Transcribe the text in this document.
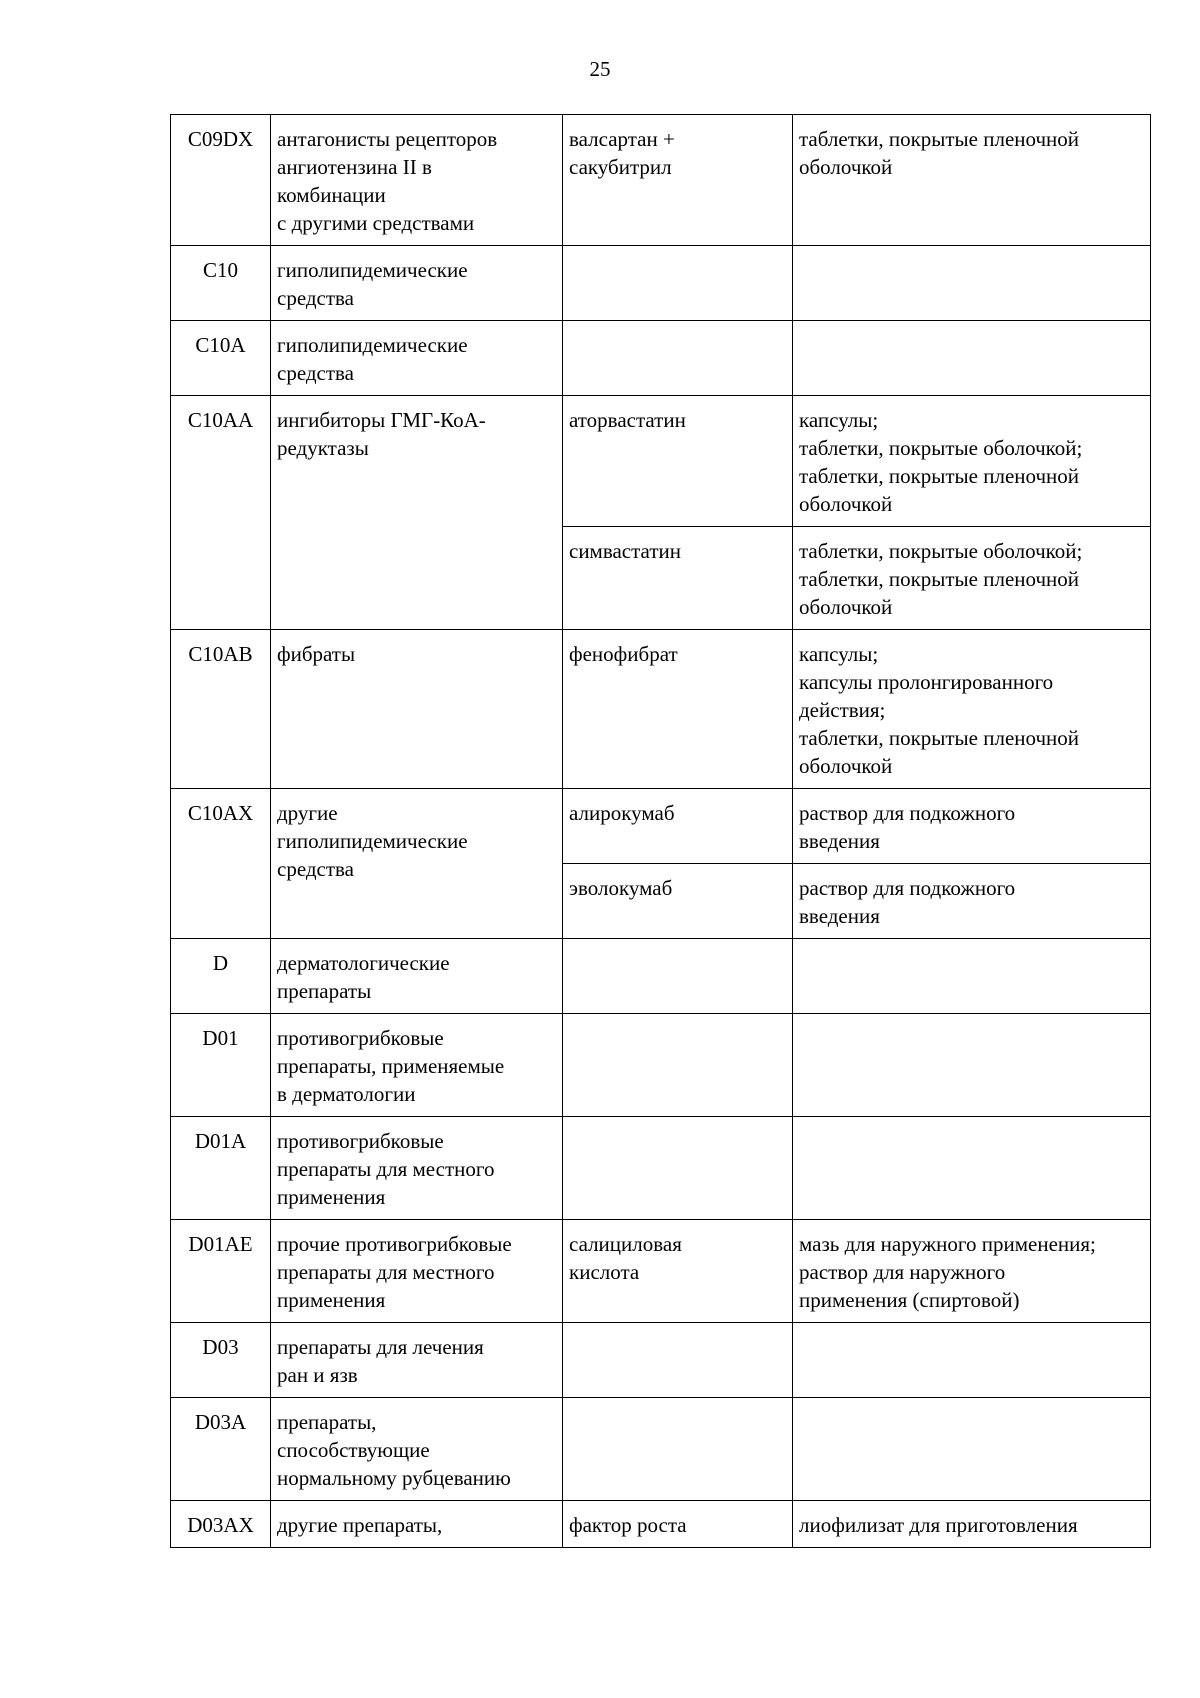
25
C09DX	антагонисты рецепторов
ангиотензина II в
комбинации
с другими средствами	валсартан +
сакубитрил	таблетки, покрытые пленочной
оболочкой

C10	гиполипидемические
средства		

C10A	гиполипидемические
средства		

C10AA	ингибиторы ГМГ-КоА-
редуктазы	аторвастатин	капсулы;
таблетки, покрытые оболочкой;
таблетки, покрытые пленочной
оболочкой

		симвастатин	таблетки, покрытые оболочкой;
таблетки, покрытые пленочной
оболочкой

C10AB	фибраты	фенофибрат	капсулы;
капсулы пролонгированного
действия;
таблетки, покрытые пленочной
оболочкой

C10AX	другие
гиполипидемические
средства	алирокумаб	раствор для подкожного
введения

		эволокумаб	раствор для подкожного
введения

D	дерматологические
препараты		

D01	противогрибковые
препараты, применяемые
в дерматологии		

D01A	противогрибковые
препараты для местного
применения		

D01AE	прочие противогрибковые
препараты для местного
применения	салициловая
кислота	мазь для наружного применения;
раствор для наружного
применения (спиртовой)

D03	препараты для лечения
ран и язв		

D03A	препараты,
способствующие
нормальному рубцеванию		

D03AX	другие препараты,	фактор роста	лиофилизат для приготовления
